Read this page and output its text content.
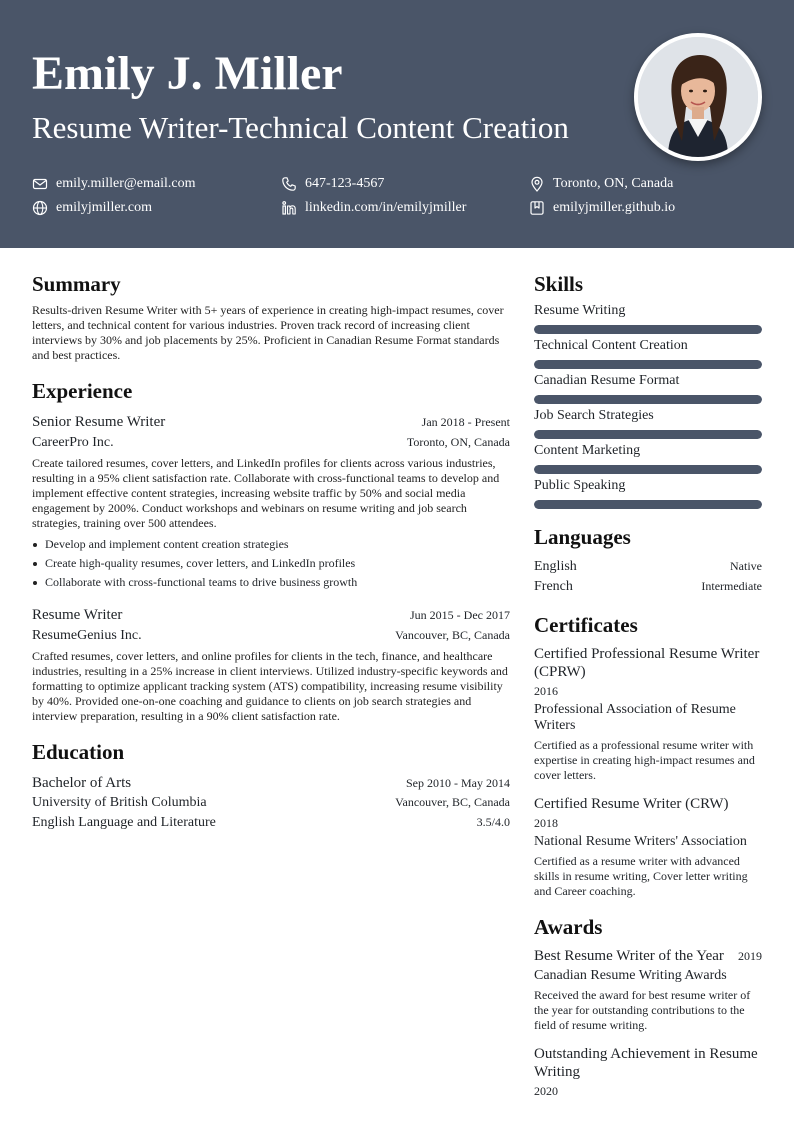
Emily J. Miller
Resume Writer-Technical Content Creation
emily.miller@email.com	647-123-4567	Toronto, ON, Canada
emilyjmiller.com	linkedin.com/in/emilyjmiller	emilyjmiller.github.io
Summary

Results-driven Resume Writer with 5+ years of experience in creating high-impact resumes, cover letters, and technical content for various industries. Proven track record of increasing client interviews by 30% and job placements by 25%. Proficient in Canadian Resume Format standards and best practices.

Experience
Senior Resume Writer	Jan 2018 - Present
CareerPro Inc.	Toronto, ON, Canada

Create tailored resumes, cover letters, and LinkedIn profiles for clients across various industries, resulting in a 95% client satisfaction rate. Collaborate with cross-functional teams to develop and implement effective content strategies, increasing website traffic by 50% and social media engagement by 200%. Conduct workshops and webinars on resume writing and job search strategies, training over 500 attendees.

Develop and implement content creation strategies
Create high-quality resumes, cover letters, and LinkedIn profiles
Collaborate with cross-functional teams to drive business growth
Resume Writer	Jun 2015 - Dec 2017
ResumeGenius Inc.	Vancouver, BC, Canada

Crafted resumes, cover letters, and online profiles for clients in the tech, finance, and healthcare industries, resulting in a 25% increase in client interviews. Utilized industry-specific keywords and formatting to optimize applicant tracking system (ATS) compatibility, increasing resume visibility by 40%. Provided one-on-one coaching and guidance to clients on job search strategies and interview preparation, resulting in a 90% client satisfaction rate.

Education
Bachelor of Arts	Sep 2010 - May 2014
University of British Columbia	Vancouver, BC, Canada
English Language and Literature	3.5/4.0
Skills
Resume Writing
Technical Content Creation
Canadian Resume Format
Job Search Strategies
Content Marketing
Public Speaking
Languages
English	Native
French	Intermediate
Certificates
Certified Professional Resume Writer (CPRW)
2016
Professional Association of Resume Writers
Certified as a professional resume writer with expertise in creating high-impact resumes and cover letters.
Certified Resume Writer (CRW)
2018
National Resume Writers' Association
Certified as a resume writer with advanced skills in resume writing, Cover letter writing and Career coaching.
Awards
Best Resume Writer of the Year 2019
Canadian Resume Writing Awards
Received the award for best resume writer of the year for outstanding contributions to the field of resume writing.
Outstanding Achievement in Resume Writing
2020
